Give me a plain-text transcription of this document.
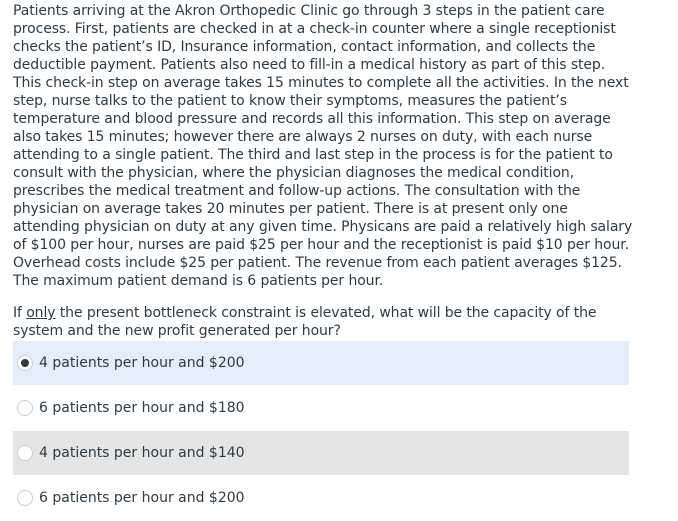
Patients arriving at the Akron Orthopedic Clinic go through 3 steps in the patient care process. First, patients are checked in at a check-in counter where a single receptionist checks the patient’s ID, Insurance information, contact information, and collects the deductible payment. Patients also need to fill-in a medical history as part of this step. This check-in step on average takes 15 minutes to complete all the activities. In the next step, nurse talks to the patient to know their symptoms, measures the patient’s temperature and blood pressure and records all this information. This step on average also takes 15 minutes; however there are always 2 nurses on duty, with each nurse attending to a single patient. The third and last step in the process is for the patient to consult with the physician, where the physician diagnoses the medical condition, prescribes the medical treatment and follow-up actions. The consultation with the physician on average takes 20 minutes per patient. There is at present only one attending physician on duty at any given time. Physicans are paid a relatively high salary of $100 per hour, nurses are paid $25 per hour and the receptionist is paid $10 per hour. Overhead costs include $25 per patient. The revenue from each patient averages $125. The maximum patient demand is 6 patients per hour.

If only the present bottleneck constraint is elevated, what will be the capacity of the system and the new profit generated per hour?

4 patients per hour and $200
6 patients per hour and $180
4 patients per hour and $140
6 patients per hour and $200
